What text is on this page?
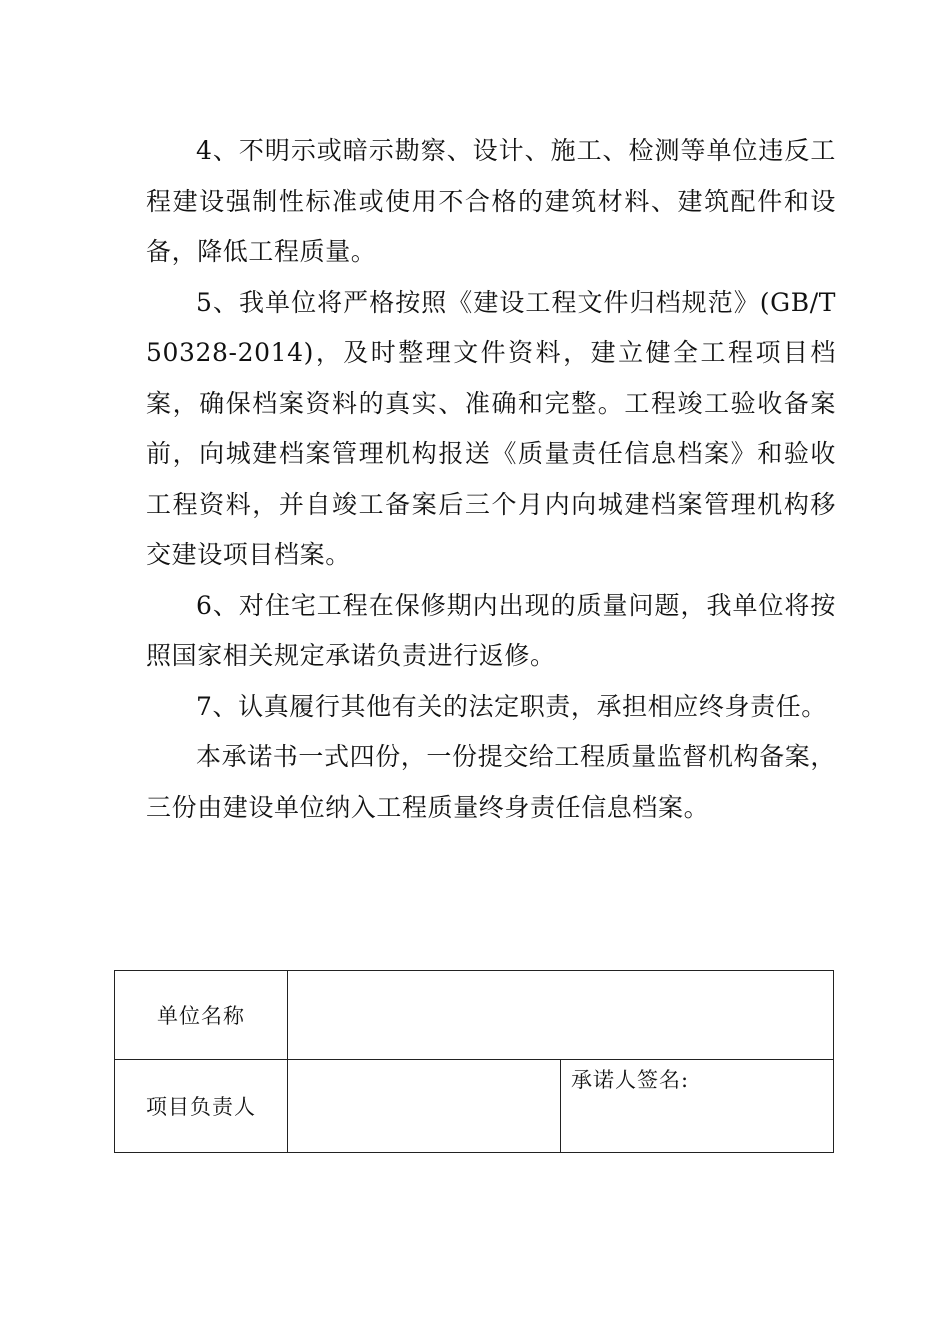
4、不明示或暗示勘察、设计、施工、检测等单位违反工程建设强制性标准或使用不合格的建筑材料、建筑配件和设备，降低工程质量。

5、我单位将严格按照《建设工程文件归档规范》(GB/T50328-2014)，及时整理文件资料，建立健全工程项目档案，确保档案资料的真实、准确和完整。工程竣工验收备案前，向城建档案管理机构报送《质量责任信息档案》和验收工程资料，并自竣工备案后三个月内向城建档案管理机构移交建设项目档案。

6、对住宅工程在保修期内出现的质量问题，我单位将按照国家相关规定承诺负责进行返修。

7、认真履行其他有关的法定职责，承担相应终身责任。

本承诺书一式四份，一份提交给工程质量监督机构备案，三份由建设单位纳入工程质量终身责任信息档案。

单位名称		
项目负责人		承诺人签名:
